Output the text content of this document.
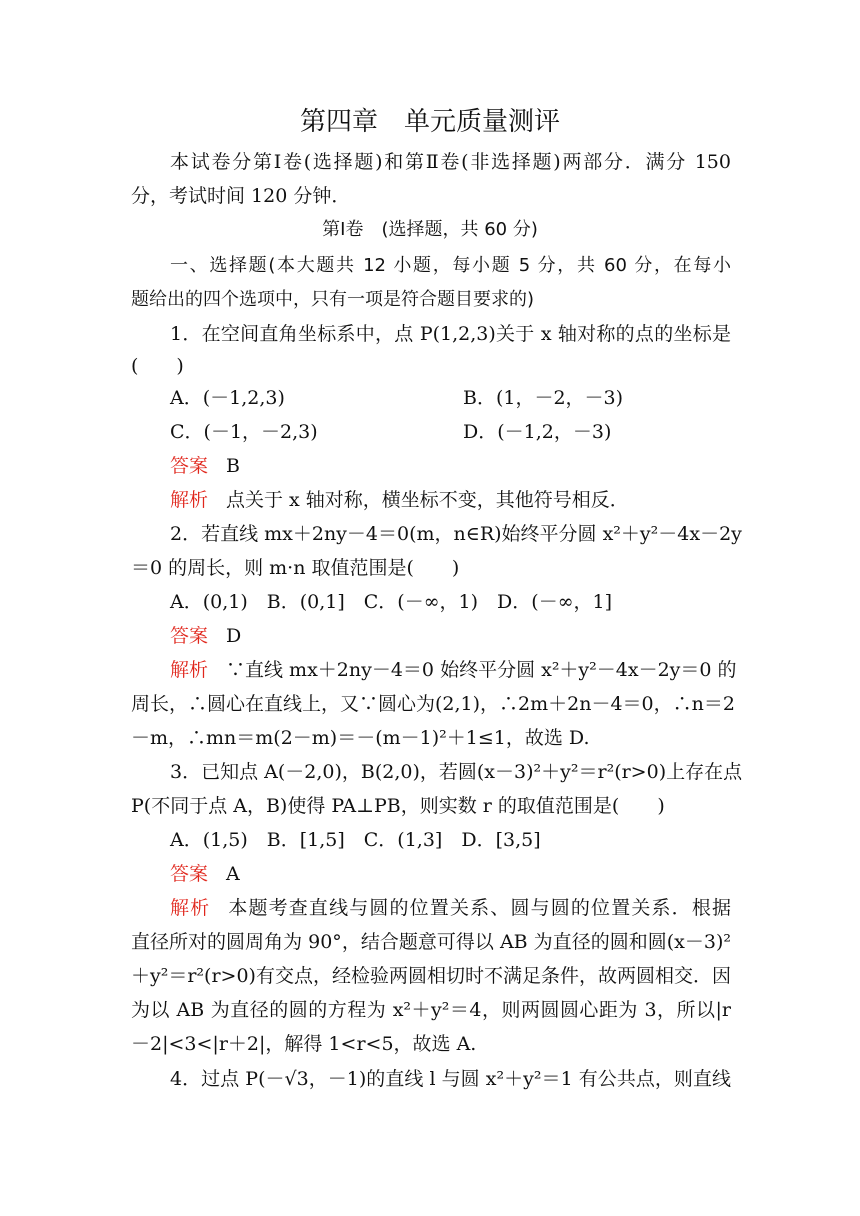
第四章　单元质量测评
本试卷分第Ⅰ卷(选择题)和第Ⅱ卷(非选择题)两部分．满分 150
分，考试时间 120 分钟．
第Ⅰ卷　(选择题，共 60 分)
一、选择题(本大题共 12 小题，每小题 5 分，共 60 分，在每小
题给出的四个选项中，只有一项是符合题目要求的)
1．在空间直角坐标系中，点 P(1,2,3)关于 x 轴对称的点的坐标是
(　　)
A．(－1,2,3)	B．(1，－2，－3)
C．(－1，－2,3)	D．(－1,2，－3)
答案 B
解析 点关于 x 轴对称，横坐标不变，其他符号相反．
2．若直线 mx＋2ny－4＝0(m，n∈R)始终平分圆 x²＋y²－4x－2y
＝0 的周长，则 m·n 取值范围是(　　)
A．(0,1)　B．(0,1]　C．(－∞，1)　D．(－∞，1]
答案 D
解析 ∵直线 mx＋2ny－4＝0 始终平分圆 x²＋y²－4x－2y＝0 的
周长，∴圆心在直线上，又∵圆心为(2,1)，∴2m＋2n－4＝0，∴n＝2
－m，∴mn＝m(2－m)＝－(m－1)²＋1≤1，故选 D.
3．已知点 A(－2,0)，B(2,0)，若圆(x－3)²＋y²＝r²(r>0)上存在点
P(不同于点 A，B)使得 PA⊥PB，则实数 r 的取值范围是(　　)
A．(1,5)　B．[1,5]　C．(1,3]　D．[3,5]
答案 A
解析 本题考查直线与圆的位置关系、圆与圆的位置关系．根据
直径所对的圆周角为 90°，结合题意可得以 AB 为直径的圆和圆(x－3)²
＋y²＝r²(r>0)有交点，经检验两圆相切时不满足条件，故两圆相交．因
为以 AB 为直径的圆的方程为 x²＋y²＝4，则两圆圆心距为 3，所以|r
－2|<3<|r＋2|，解得 1<r<5，故选 A.
4．过点 P(－√3，－1)的直线 l 与圆 x²＋y²＝1 有公共点，则直线
